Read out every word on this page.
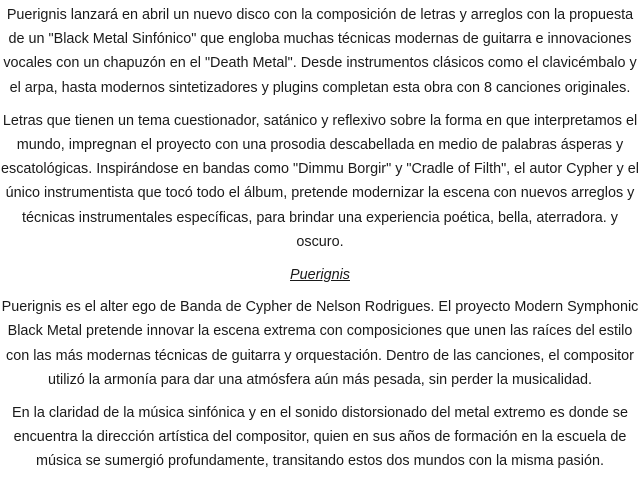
Puerignis lanzará en abril un nuevo disco con la composición de letras y arreglos con la propuesta de un "Black Metal Sinfónico" que engloba muchas técnicas modernas de guitarra e innovaciones vocales con un chapuzón en el "Death Metal". Desde instrumentos clásicos como el clavicémbalo y el arpa, hasta modernos sintetizadores y plugins completan esta obra con 8 canciones originales.

Letras que tienen un tema cuestionador, satánico y reflexivo sobre la forma en que interpretamos el mundo, impregnan el proyecto con una prosodia descabellada en medio de palabras ásperas y escatológicas. Inspirándose en bandas como "Dimmu Borgir" y "Cradle of Filth", el autor Cypher y el único instrumentista que tocó todo el álbum, pretende modernizar la escena con nuevos arreglos y técnicas instrumentales específicas, para brindar una experiencia poética, bella, aterradora. y oscuro.

Puerignis

Puerignis es el alter ego de Banda de Cypher de Nelson Rodrigues. El proyecto Modern Symphonic Black Metal pretende innovar la escena extrema con composiciones que unen las raíces del estilo con las más modernas técnicas de guitarra y orquestación. Dentro de las canciones, el compositor utilizó la armonía para dar una atmósfera aún más pesada, sin perder la musicalidad.

En la claridad de la música sinfónica y en el sonido distorsionado del metal extremo es donde se encuentra la dirección artística del compositor, quien en sus años de formación en la escuela de música se sumergió profundamente, transitando estos dos mundos con la misma pasión.
